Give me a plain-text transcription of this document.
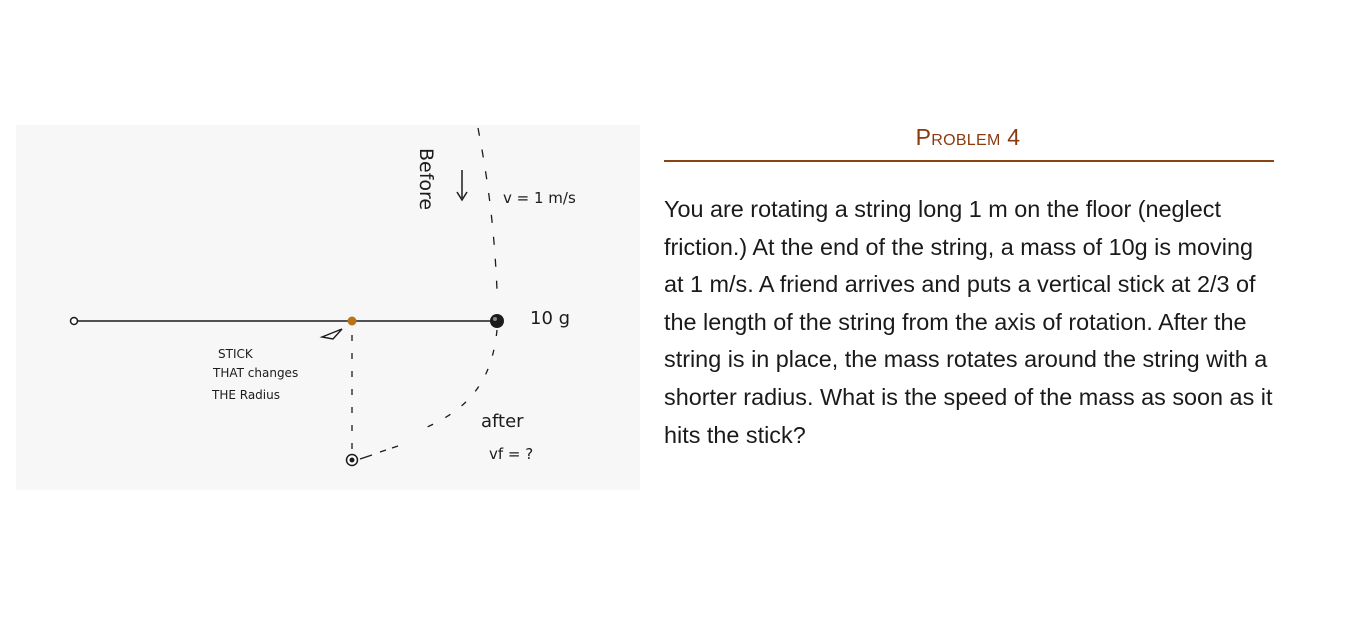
Before	v = 1 m/s
10 g
STICK
THAT changes
THE Radius
after
vf = ?
Problem 4
You are rotating a string long 1 m on the floor (neglect friction.) At the end of the string, a mass of 10g is moving at 1 m/s. A friend arrives and puts a vertical stick at 2/3 of the length of the string from the axis of rotation. After the string is in place, the mass rotates around the string with a shorter radius. What is the speed of the mass as soon as it hits the stick?
